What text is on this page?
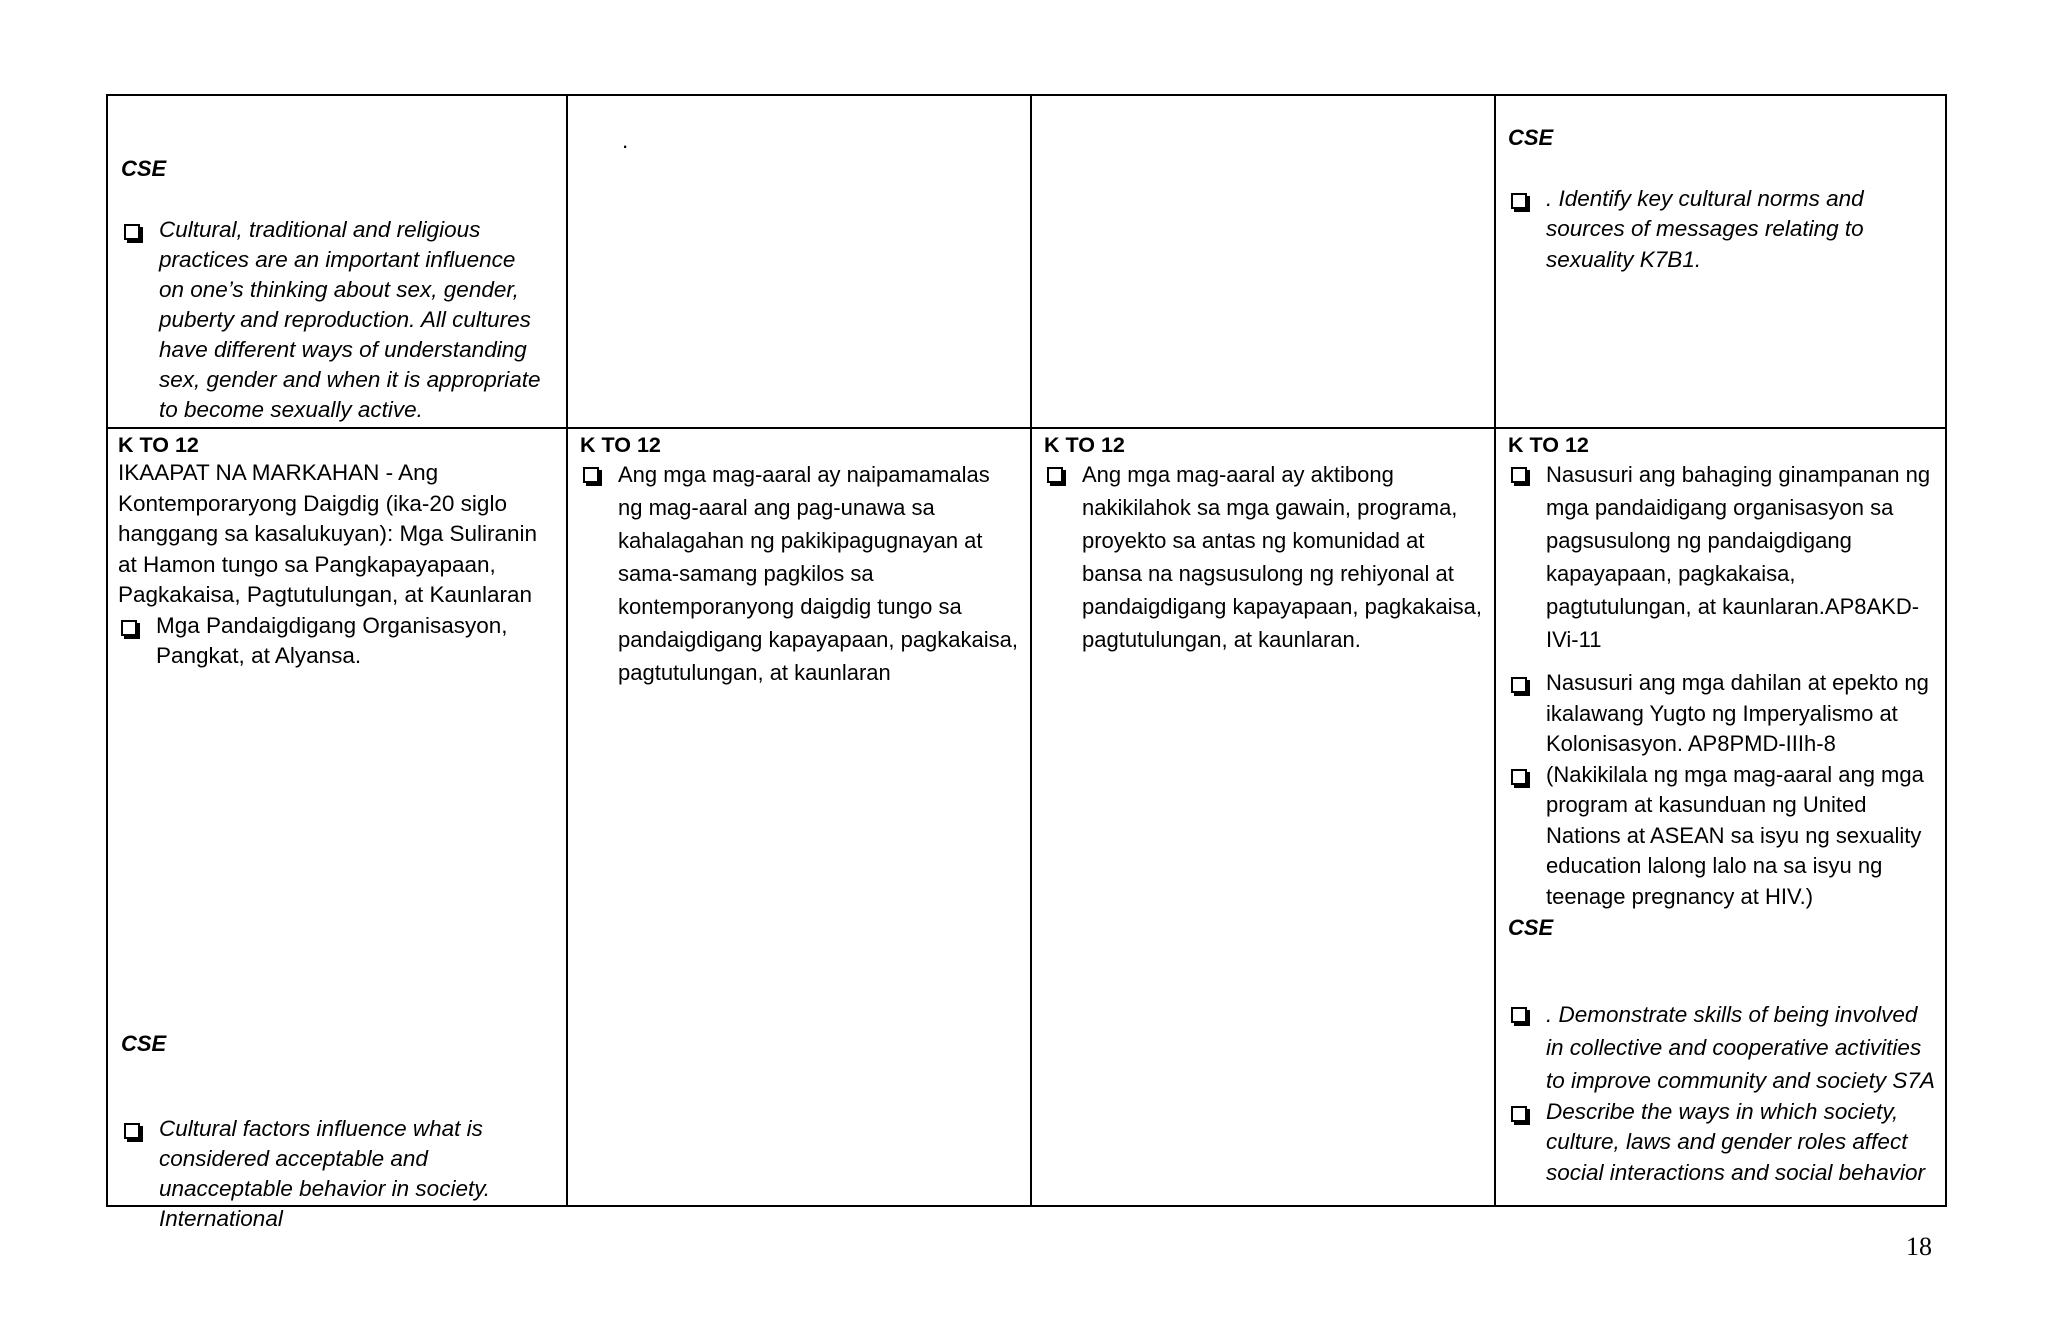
CSE
Cultural, traditional and religious practices are an important influence on one’s thinking about sex, gender, puberty and reproduction. All cultures have different ways of understanding sex, gender and when it is appropriate to become sexually active.
.	CSE
. Identify key cultural norms and sources of messages relating to sexuality K7B1.
K TO 12
IKAAPAT NA MARKAHAN - Ang Kontemporaryong Daigdig (ika-20 siglo hanggang sa kasalukuyan): Mga Suliranin at Hamon tungo sa Pangkapayapaan, Pagkakaisa, Pagtutulungan, at Kaunlaran
Mga Pandaigdigang Organisasyon, Pangkat, at Alyansa.
CSE
Cultural factors influence what is considered acceptable and unacceptable behavior in society. International
K TO 12
Ang mga mag-aaral ay naipamamalas ng mag-aaral ang pag-unawa sa kahalagahan ng pakikipagugnayan at sama-samang pagkilos sa kontemporanyong daigdig tungo sa pandaigdigang kapayapaan, pagkakaisa, pagtutulungan, at kaunlaran
K TO 12
Ang mga mag-aaral ay aktibong nakikilahok sa mga gawain, programa, proyekto sa antas ng komunidad at bansa na nagsusulong ng rehiyonal at pandaigdigang kapayapaan, pagkakaisa, pagtutulungan, at kaunlaran.
K TO 12
Nasusuri ang bahaging ginampanan ng mga pandaidigang organisasyon sa pagsusulong ng pandaigdigang kapayapaan, pagkakaisa, pagtutulungan, at kaunlaran.AP8AKD-IVi-11
Nasusuri ang mga dahilan at epekto ng ikalawang Yugto ng Imperyalismo at Kolonisasyon. AP8PMD-IIIh-8
(Nakikilala ng mga mag-aaral ang mga program at kasunduan ng United Nations at ASEAN sa isyu ng sexuality education lalong lalo na sa isyu ng teenage pregnancy at HIV.)
CSE
. Demonstrate skills of being involved in collective and cooperative activities to improve community and society S7A
Describe the ways in which society, culture, laws and gender roles affect social interactions and social behavior
18
